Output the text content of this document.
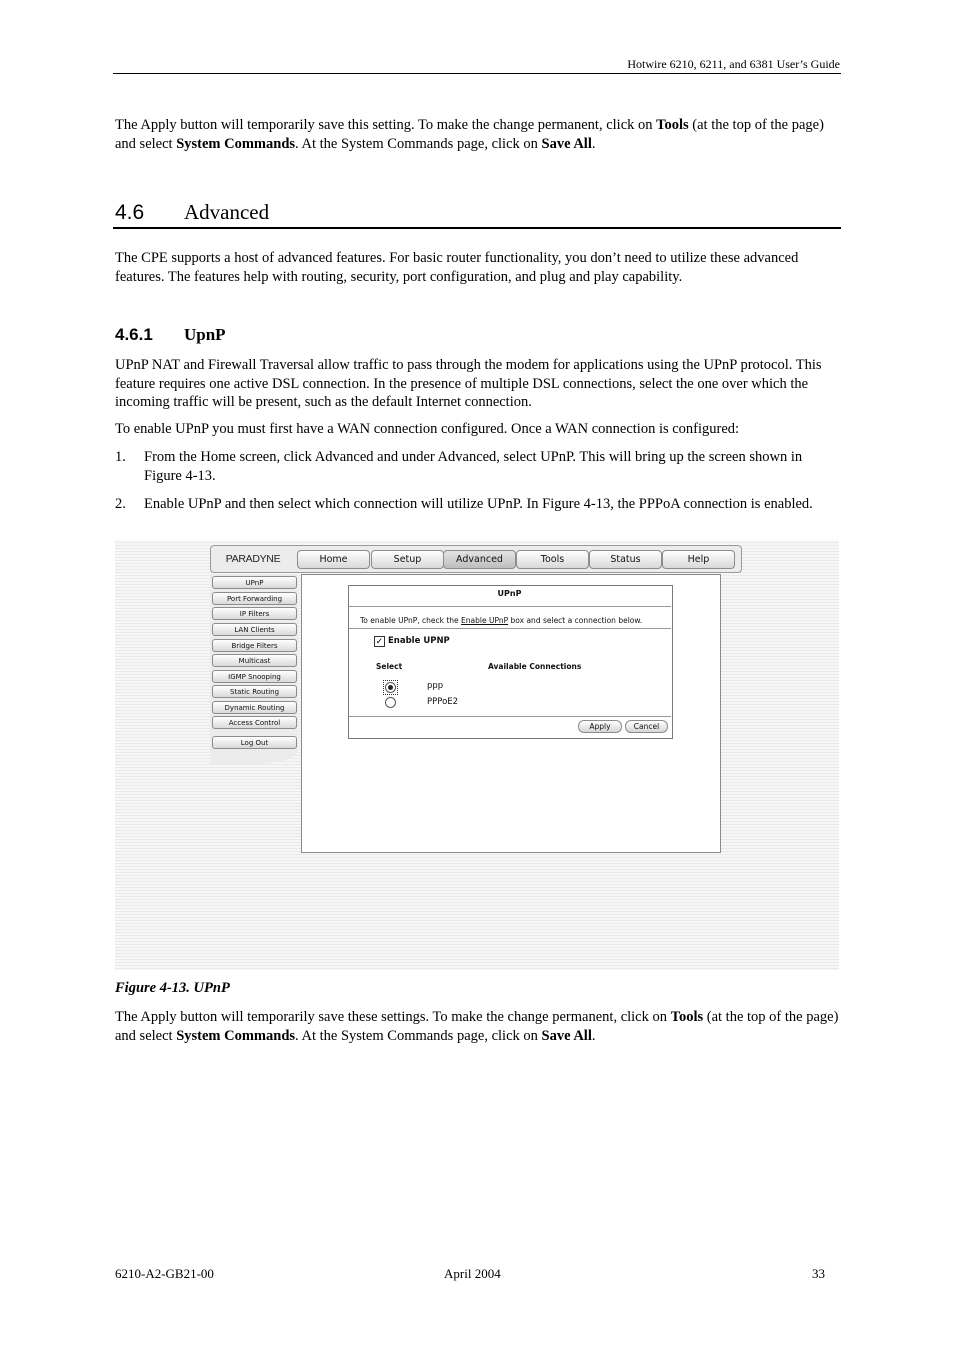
Hotwire 6210, 6211, and 6381 User’s Guide
The Apply button will temporarily save this setting. To make the change permanent, click on Tools (at the top of the page) and select System Commands. At the System Commands page, click on Save All.
4.6 Advanced
The CPE supports a host of advanced features. For basic router functionality, you don’t need to utilize these advanced features. The features help with routing, security, port configuration, and plug and play capability.
4.6.1 UpnP
UPnP NAT and Firewall Traversal allow traffic to pass through the modem for applications using the UPnP protocol. This feature requires one active DSL connection. In the presence of multiple DSL connections, select the one over which the incoming traffic will be present, such as the default Internet connection.
To enable UPnP you must first have a WAN connection configured. Once a WAN connection is configured:
1. From the Home screen, click Advanced and under Advanced, select UPnP. This will bring up the screen shown in Figure 4-13.
2. Enable UPnP and then select which connection will utilize UPnP. In Figure 4-13, the PPPoA connection is enabled.
PARADYNE	Home	Setup	Advanced	Tools	Status	Help
UPnP
Port Forwarding
IP Filters
LAN Clients
Bridge Filters
Multicast
IGMP Snooping
Static Routing
Dynamic Routing
Access Control
Log Out
UPnP
To enable UPnP, check the Enable UPnP box and select a connection below.
✓ Enable UPNP
Select	Available Connections
ppp
PPPoE2
Apply	Cancel
Figure 4-13. UPnP
The Apply button will temporarily save these settings. To make the change permanent, click on Tools (at the top of the page) and select System Commands. At the System Commands page, click on Save All.
6210-A2-GB21-00	April 2004	33
